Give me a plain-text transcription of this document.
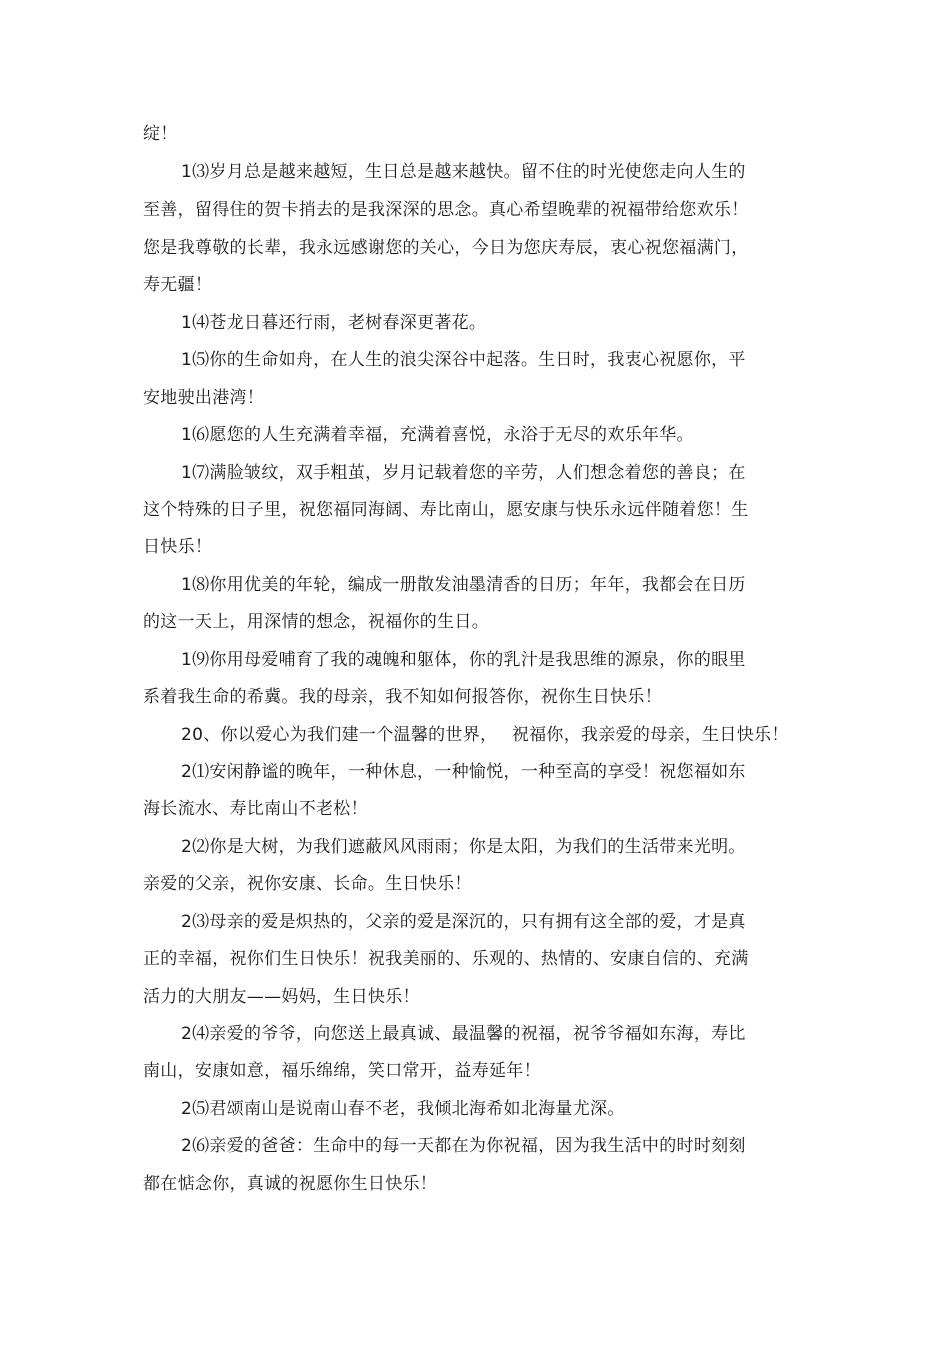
绽！

1⑶岁月总是越来越短，生日总是越来越快。留不住的时光使您走向人生的

至善，留得住的贺卡捎去的是我深深的思念。真心希望晚辈的祝福带给您欢乐！

您是我尊敬的长辈，我永远感谢您的关心，今日为您庆寿辰，衷心祝您福满门，

寿无疆！

1⑷苍龙日暮还行雨，老树春深更著花。

1⑸你的生命如舟，在人生的浪尖深谷中起落。生日时，我衷心祝愿你，平

安地驶出港湾！

1⑹愿您的人生充满着幸福，充满着喜悦，永浴于无尽的欢乐年华。

1⑺满脸皱纹，双手粗茧，岁月记载着您的辛劳，人们想念着您的善良；在

这个特殊的日子里，祝您福同海阔、寿比南山，愿安康与快乐永远伴随着您！生

日快乐！

1⑻你用优美的年轮，编成一册散发油墨清香的日历；年年，我都会在日历

的这一天上，用深情的想念，祝福你的生日。

1⑼你用母爱哺育了我的魂魄和躯体，你的乳汁是我思维的源泉，你的眼里

系着我生命的希冀。我的母亲，我不知如何报答你，祝你生日快乐！

20、你以爱心为我们建一个温馨的世界，　 祝福你，我亲爱的母亲，生日快乐！

2⑴安闲静谧的晚年，一种休息，一种愉悦，一种至高的享受！祝您福如东

海长流水、寿比南山不老松！

2⑵你是大树，为我们遮蔽风风雨雨；你是太阳，为我们的生活带来光明。

亲爱的父亲，祝你安康、长命。生日快乐！

2⑶母亲的爱是炽热的，父亲的爱是深沉的，只有拥有这全部的爱，才是真

正的幸福，祝你们生日快乐！祝我美丽的、乐观的、热情的、安康自信的、充满

活力的大朋友——妈妈，生日快乐！

2⑷亲爱的爷爷，向您送上最真诚、最温馨的祝福，祝爷爷福如东海，寿比

南山，安康如意，福乐绵绵，笑口常开，益寿延年！

2⑸君颂南山是说南山春不老，我倾北海希如北海量尤深。

2⑹亲爱的爸爸：生命中的每一天都在为你祝福，因为我生活中的时时刻刻

都在惦念你，真诚的祝愿你生日快乐！
